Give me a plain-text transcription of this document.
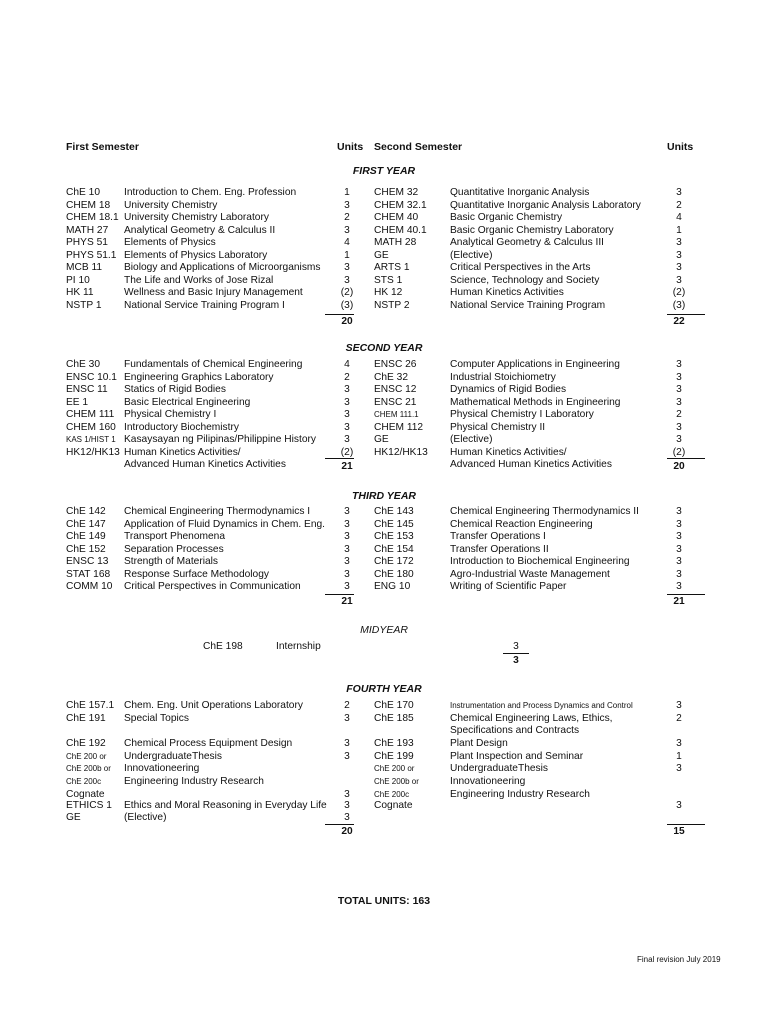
First Semester	Units Second Semester	Units
FIRST YEAR
ChE 10 Introduction to Chem. Eng. Profession	1
CHEM 18 University Chemistry	3
CHEM 18.1 University Chemistry Laboratory	2
MATH 27 Analytical Geometry & Calculus II	3
PHYS 51 Elements of Physics	4
PHYS 51.1 Elements of Physics Laboratory	1
MCB 11 Biology and Applications of Microorganisms	3
PI 10	The Life and Works of Jose Rizal	3
HK 11	Wellness and Basic Injury Management	(2)
NSTP 1 National Service Training Program I	(3)
CHEM 32	Quantitative Inorganic Analysis	3
CHEM 32.1 Quantitative Inorganic Analysis Laboratory	2
CHEM 40	Basic Organic Chemistry	4
CHEM 40.1 Basic Organic Chemistry Laboratory	1
MATH 28	Analytical Geometry & Calculus III	3
GE	(Elective)	3
ARTS 1	Critical Perspectives in the Arts	3
STS 1	Science, Technology and Society	3
HK 12	Human Kinetics Activities	(2)
NSTP 2	National Service Training Program	(3)
20	22
SECOND YEAR
ChE 30 Fundamentals of Chemical Engineering	4
ENSC 10.1 Engineering Graphics Laboratory	2
ENSC 11 Statics of Rigid Bodies	3
EE 1	Basic Electrical Engineering	3
CHEM 111 Physical Chemistry I	3
CHEM 160 Introductory Biochemistry	3
KAS 1/HIST 1 Kasaysayan ng Pilipinas/Philippine History	3
HK12/HK13 Human Kinetics Activities/	(2)
Advanced Human Kinetics Activities
ENSC 26	Computer Applications in Engineering	3
ChE 32	Industrial Stoichiometry	3
ENSC 12	Dynamics of Rigid Bodies	3
ENSC 21	Mathematical Methods in Engineering	3
CHEM 111.1	Physical Chemistry I Laboratory	2
CHEM 112	Physical Chemistry II	3
GE	(Elective)	3
HK12/HK13 Human Kinetics Activities/	(2)
Advanced Human Kinetics Activities
21	20
THIRD YEAR
ChE 142 Chemical Engineering Thermodynamics I	3
ChE 147 Application of Fluid Dynamics in Chem. Eng.	3
ChE 149 Transport Phenomena	3
ChE 152 Separation Processes	3
ENSC 13 Strength of Materials	3
STAT 168 Response Surface Methodology	3
COMM 10 Critical Perspectives in Communication	3
ChE 143	Chemical Engineering Thermodynamics II	3
ChE 145	Chemical Reaction Engineering	3
ChE 153	Transfer Operations I	3
ChE 154	Transfer Operations II	3
ChE 172	Introduction to Biochemical Engineering	3
ChE 180	Agro-Industrial Waste Management	3
ENG 10	Writing of Scientific Paper	3
21	21
FOURTH YEAR
ChE 157.1 Chem. Eng. Unit Operations Laboratory	2
ChE 191 Special Topics	3
ChE 192 Chemical Process Equipment Design	3
ChE 200 or UndergraduateThesis	3
ChE 200b or Innovationeering
ChE 200c Engineering Industry Research
Cognate	3
ETHICS 1 Ethics and Moral Reasoning in Everyday Life	3
GE	(Elective)	3
ChE 170	Instrumentation and Process Dynamics and Control	3
ChE 185	Chemical Engineering Laws, Ethics,	2
Specifications and Contracts
ChE 193	Plant Design	3
ChE 199	Plant Inspection and Seminar	1
ChE 200 or	UndergraduateThesis	3
ChE 200b or	Innovationeering
ChE 200c	Engineering Industry Research
Cognate	3
20	15
MIDYEAR
ChE 198	Internship	3
3
TOTAL UNITS: 163
Final revision July 2019
